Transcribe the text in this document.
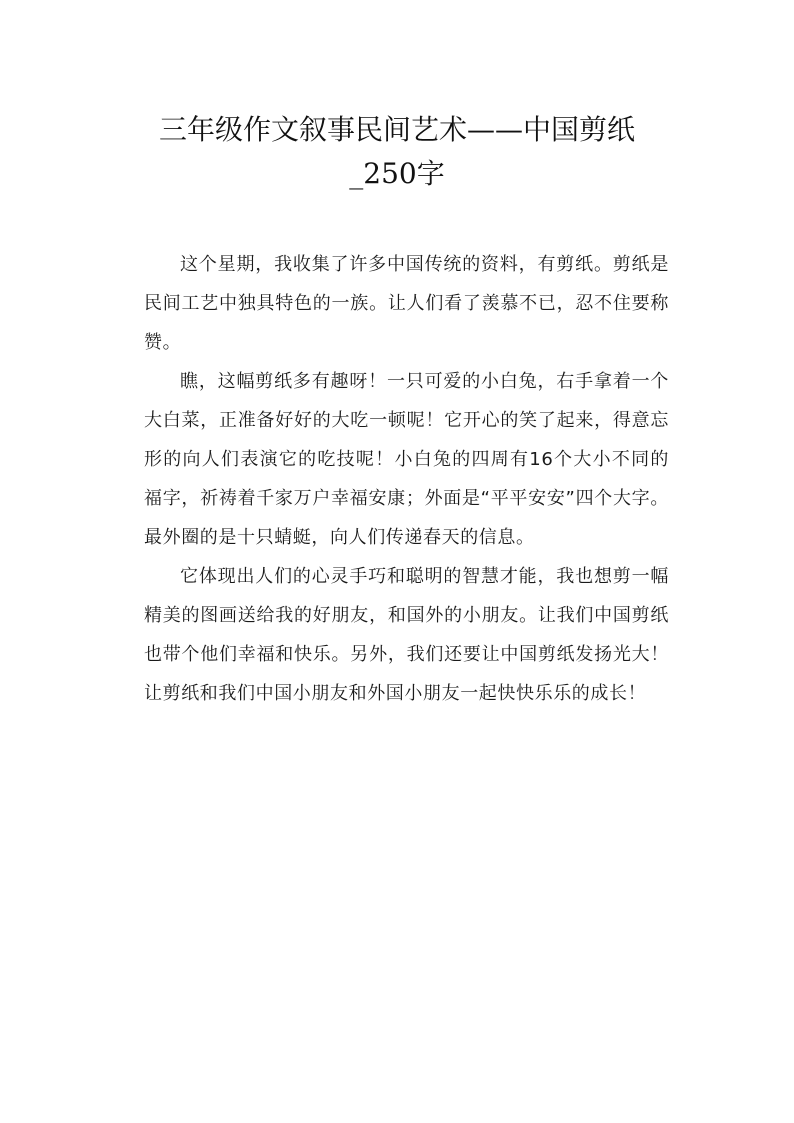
三年级作文叙事民间艺术——中国剪纸
_250字

这个星期，我收集了许多中国传统的资料，有剪纸。剪纸是民间工艺中独具特色的一族。让人们看了羡慕不已，忍不住要称赞。

瞧，这幅剪纸多有趣呀！一只可爱的小白兔，右手拿着一个大白菜，正准备好好的大吃一顿呢！它开心的笑了起来，得意忘形的向人们表演它的吃技呢！小白兔的四周有16个大小不同的福字，祈祷着千家万户幸福安康；外面是“平平安安”四个大字。最外圈的是十只蜻蜓，向人们传递春天的信息。

它体现出人们的心灵手巧和聪明的智慧才能，我也想剪一幅精美的图画送给我的好朋友，和国外的小朋友。让我们中国剪纸也带个他们幸福和快乐。另外，我们还要让中国剪纸发扬光大！让剪纸和我们中国小朋友和外国小朋友一起快快乐乐的成长！
